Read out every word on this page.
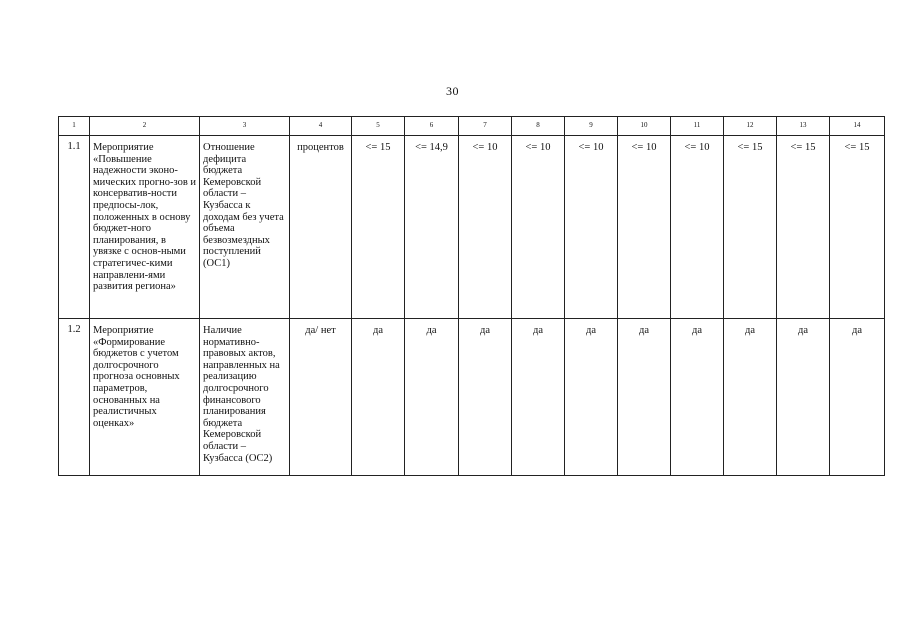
30
1	2	3	4	5	6	7	8	9	10	11	12	13	14
1.1	Мероприятие «Повышение надежности эконо-мических прогно-зов и консерватив-ности предпосы-лок, положенных в основу бюджет-ного планирования, в увязке с основ-ными стратегичес-кими направлени-ями развития региона»	Отношение дефицита бюджета Кемеровской области – Кузбасса к доходам без учета объема безвозмездных поступлений (ОС1)	процентов	<= 15	<= 14,9	<= 10	<= 10	<= 10	<= 10	<= 10	<= 15	<= 15	<= 15
1.2	Мероприятие «Формирование бюджетов с учетом долгосрочного прогноза основных параметров, основанных на реалистичных оценках»	Наличие нормативно-правовых актов, направленных на реализацию долгосрочного финансового планирования бюджета Кемеровской области – Кузбасса (ОС2)	да/ нет	да	да	да	да	да	да	да	да	да	да
